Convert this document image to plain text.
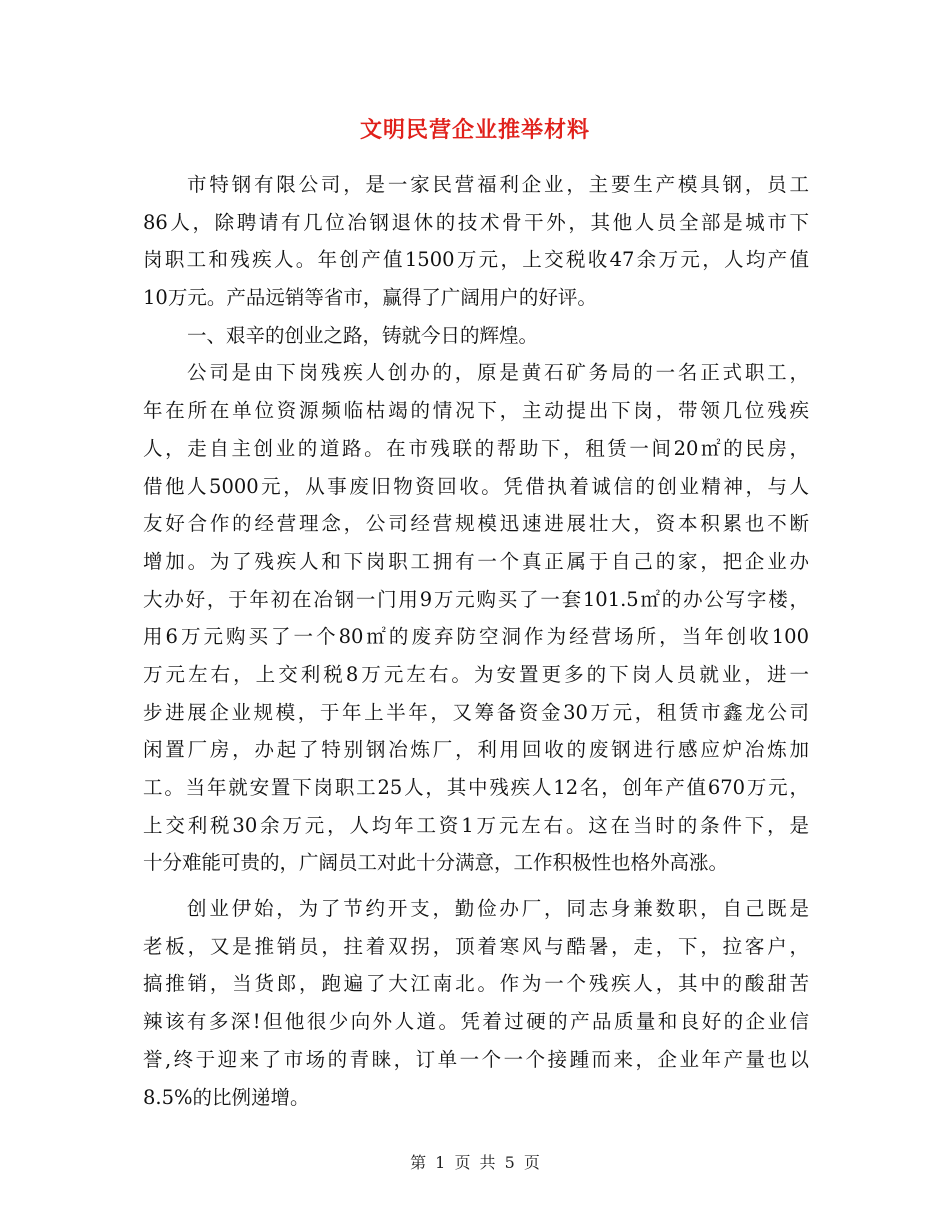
文明民营企业推举材料
市特钢有限公司，是一家民营福利企业，主要生产模具钢，员工
86人，除聘请有几位冶钢退休的技术骨干外，其他人员全部是城市下
岗职工和残疾人。年创产值1500万元，上交税收47余万元，人均产值
10万元。产品远销等省市，赢得了广阔用户的好评。
一、艰辛的创业之路，铸就今日的辉煌。
公司是由下岗残疾人创办的，原是黄石矿务局的一名正式职工，
年在所在单位资源频临枯竭的情况下，主动提出下岗，带领几位残疾
人，走自主创业的道路。在市残联的帮助下，租赁一间20㎡的民房，
借他人5000元，从事废旧物资回收。凭借执着诚信的创业精神，与人
友好合作的经营理念，公司经营规模迅速进展壮大，资本积累也不断
增加。为了残疾人和下岗职工拥有一个真正属于自己的家，把企业办
大办好，于年初在冶钢一门用9万元购买了一套101.5㎡的办公写字楼，
用6万元购买了一个80㎡的废弃防空洞作为经营场所，当年创收100
万元左右，上交利税8万元左右。为安置更多的下岗人员就业，进一
步进展企业规模，于年上半年，又筹备资金30万元，租赁市鑫龙公司
闲置厂房，办起了特别钢冶炼厂，利用回收的废钢进行感应炉冶炼加
工。当年就安置下岗职工25人，其中残疾人12名，创年产值670万元，
上交利税30余万元，人均年工资1万元左右。这在当时的条件下，是
十分难能可贵的，广阔员工对此十分满意，工作积极性也格外高涨。
创业伊始，为了节约开支，勤俭办厂，同志身兼数职，自己既是
老板，又是推销员，拄着双拐，顶着寒风与酷暑，走，下，拉客户，
搞推销，当货郎，跑遍了大江南北。作为一个残疾人，其中的酸甜苦
辣该有多深!但他很少向外人道。凭着过硬的产品质量和良好的企业信
誉,终于迎来了市场的青睐，订单一个一个接踵而来，企业年产量也以
8.5%的比例递增。
第 1 页 共 5 页
